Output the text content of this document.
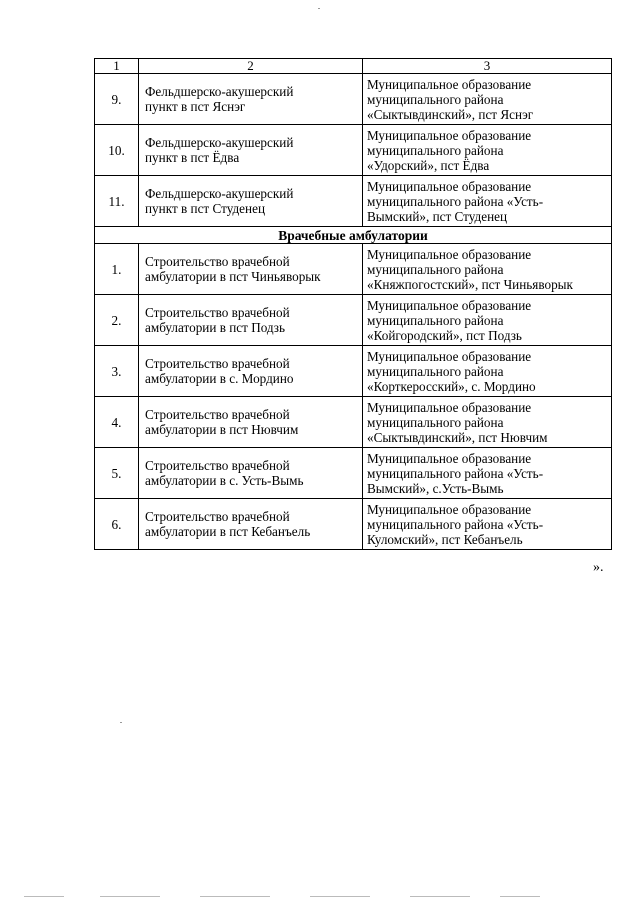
1	2	3
9.	Фельдшерско-акушерский
пункт в пст Яснэг	Муниципальное образование
муниципального района
«Сыктывдинский», пст Яснэг

10.	Фельдшерско-акушерский
пункт в пст Ёдва	Муниципальное образование
муниципального района
«Удорский», пст Ёдва

11.	Фельдшерско-акушерский
пункт в пст Студенец	Муниципальное образование
муниципального района «Усть-
Вымский», пст Студенец

Врачебные амбулатории		
1.	Строительство врачебной
амбулатории в пст Чиньяворык	Муниципальное образование
муниципального района
«Княжпогостский», пст Чиньяворык

2.	Строительство врачебной
амбулатории в пст Подзь	Муниципальное образование
муниципального района
«Койгородский», пст Подзь

3.	Строительство врачебной
амбулатории в с. Мордино	Муниципальное образование
муниципального района
«Корткеросский», с. Мордино

4.	Строительство врачебной
амбулатории в пст Нювчим	Муниципальное образование
муниципального района
«Сыктывдинский», пст Нювчим

5.	Строительство врачебной
амбулатории в с. Усть-Вымь	Муниципальное образование
муниципального района «Усть-
Вымский», с.Усть-Вымь

6.	Строительство врачебной
амбулатории в пст Кебанъель	Муниципальное образование
муниципального района «Усть-
Куломский», пст Кебанъель
».
